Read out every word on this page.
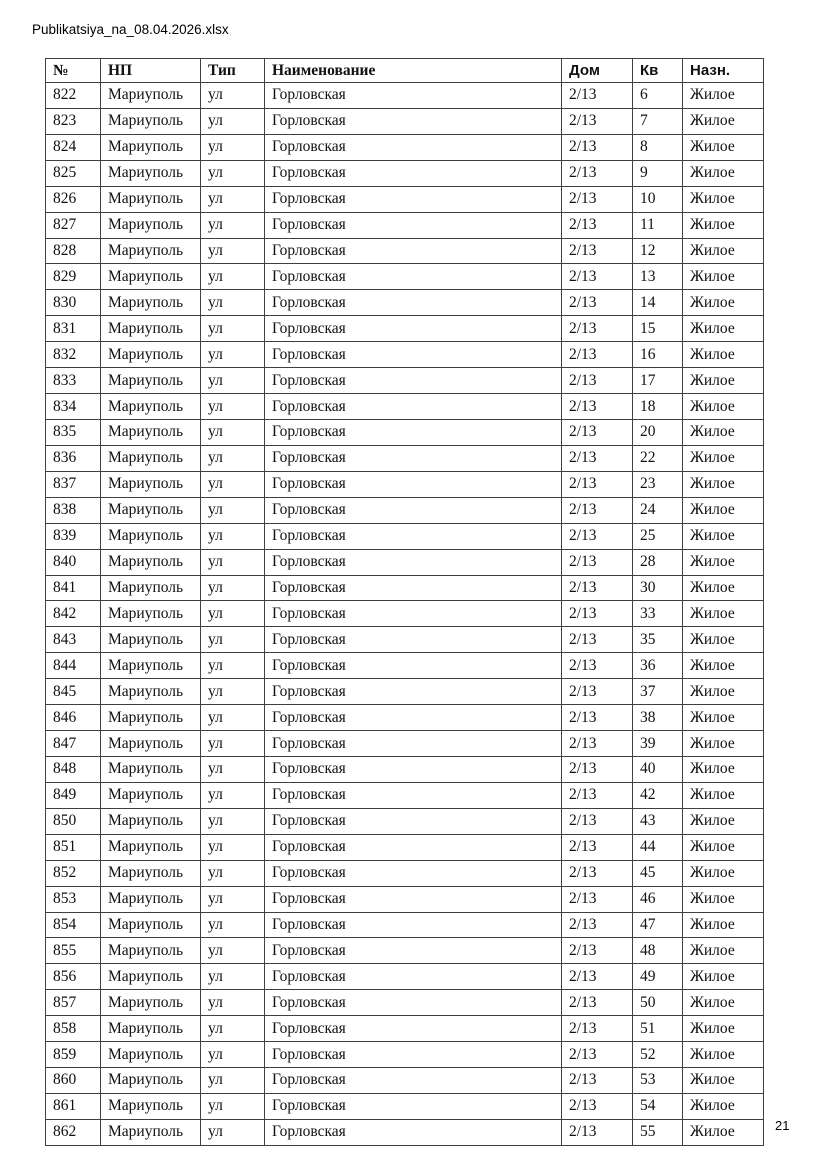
Publikatsiya_na_08.04.2026.xlsx
№	НП	Тип	Наименование	Дом	Кв	Назн.
822	Мариуполь	ул	Горловская	2/13	6	Жилое
823	Мариуполь	ул	Горловская	2/13	7	Жилое
824	Мариуполь	ул	Горловская	2/13	8	Жилое
825	Мариуполь	ул	Горловская	2/13	9	Жилое
826	Мариуполь	ул	Горловская	2/13	10	Жилое
827	Мариуполь	ул	Горловская	2/13	11	Жилое
828	Мариуполь	ул	Горловская	2/13	12	Жилое
829	Мариуполь	ул	Горловская	2/13	13	Жилое
830	Мариуполь	ул	Горловская	2/13	14	Жилое
831	Мариуполь	ул	Горловская	2/13	15	Жилое
832	Мариуполь	ул	Горловская	2/13	16	Жилое
833	Мариуполь	ул	Горловская	2/13	17	Жилое
834	Мариуполь	ул	Горловская	2/13	18	Жилое
835	Мариуполь	ул	Горловская	2/13	20	Жилое
836	Мариуполь	ул	Горловская	2/13	22	Жилое
837	Мариуполь	ул	Горловская	2/13	23	Жилое
838	Мариуполь	ул	Горловская	2/13	24	Жилое
839	Мариуполь	ул	Горловская	2/13	25	Жилое
840	Мариуполь	ул	Горловская	2/13	28	Жилое
841	Мариуполь	ул	Горловская	2/13	30	Жилое
842	Мариуполь	ул	Горловская	2/13	33	Жилое
843	Мариуполь	ул	Горловская	2/13	35	Жилое
844	Мариуполь	ул	Горловская	2/13	36	Жилое
845	Мариуполь	ул	Горловская	2/13	37	Жилое
846	Мариуполь	ул	Горловская	2/13	38	Жилое
847	Мариуполь	ул	Горловская	2/13	39	Жилое
848	Мариуполь	ул	Горловская	2/13	40	Жилое
849	Мариуполь	ул	Горловская	2/13	42	Жилое
850	Мариуполь	ул	Горловская	2/13	43	Жилое
851	Мариуполь	ул	Горловская	2/13	44	Жилое
852	Мариуполь	ул	Горловская	2/13	45	Жилое
853	Мариуполь	ул	Горловская	2/13	46	Жилое
854	Мариуполь	ул	Горловская	2/13	47	Жилое
855	Мариуполь	ул	Горловская	2/13	48	Жилое
856	Мариуполь	ул	Горловская	2/13	49	Жилое
857	Мариуполь	ул	Горловская	2/13	50	Жилое
858	Мариуполь	ул	Горловская	2/13	51	Жилое
859	Мариуполь	ул	Горловская	2/13	52	Жилое
860	Мариуполь	ул	Горловская	2/13	53	Жилое
861	Мариуполь	ул	Горловская	2/13	54	Жилое
862	Мариуполь	ул	Горловская	2/13	55	Жилое	21
